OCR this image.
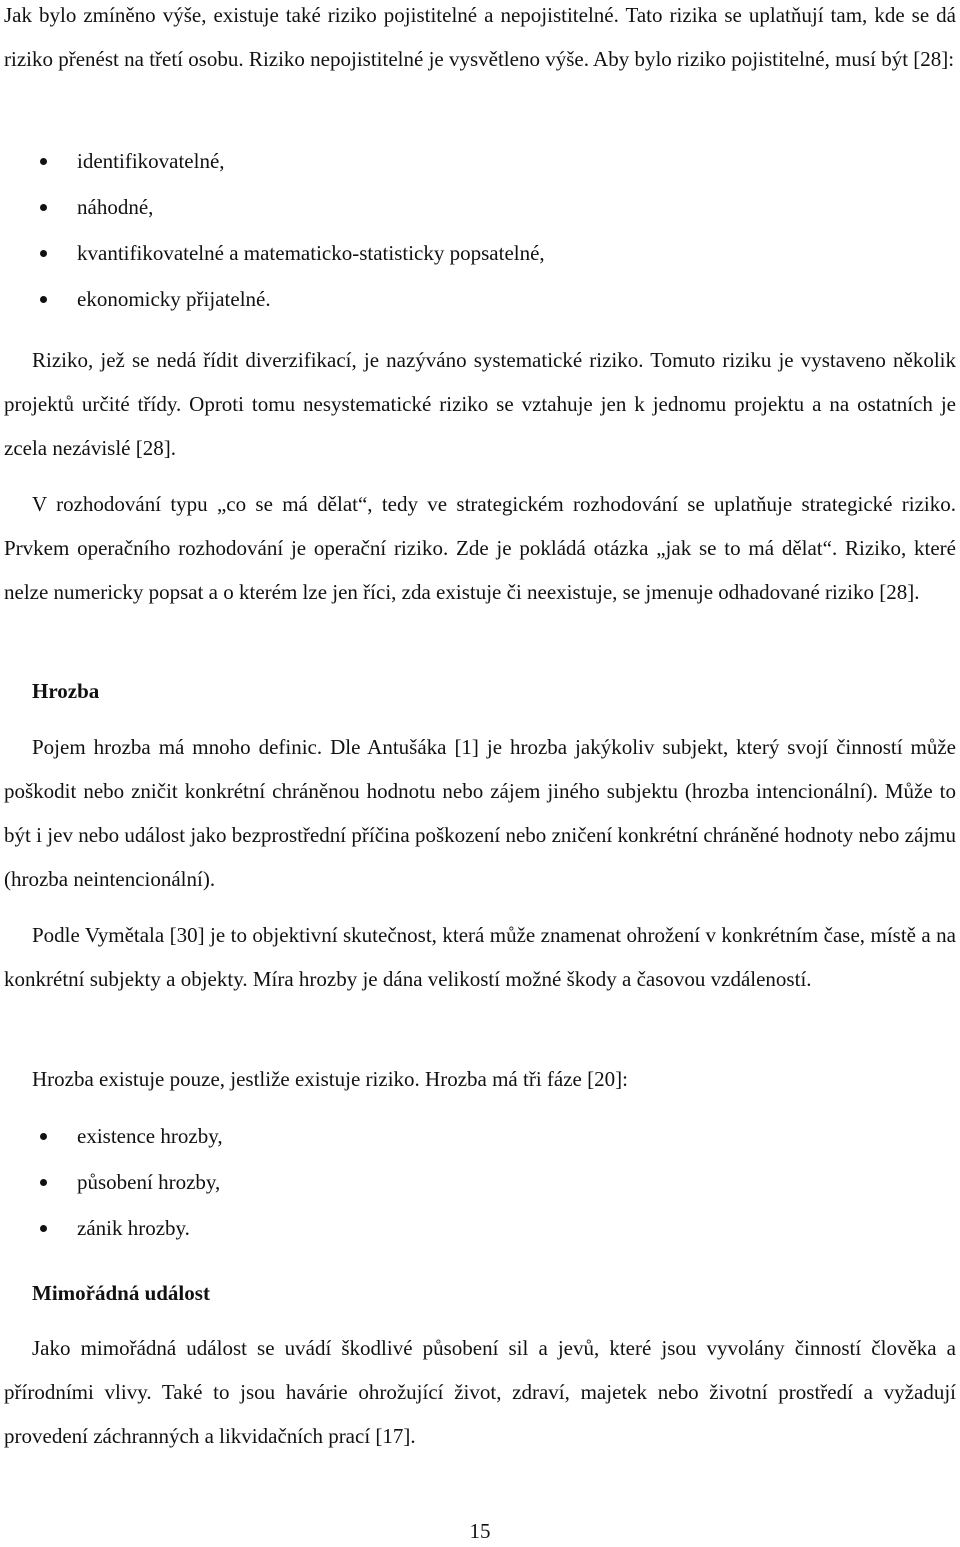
Jak bylo zmíněno výše, existuje také riziko pojistitelné a nepojistitelné. Tato rizika se uplatňují tam, kde se dá riziko přenést na třetí osobu. Riziko nepojistitelné je vysvětleno výše. Aby bylo riziko pojistitelné, musí být [28]:

identifikovatelné,
náhodné,
kvantifikovatelné a matematicko-statisticky popsatelné,
ekonomicky přijatelné.

Riziko, jež se nedá řídit diverzifikací, je nazýváno systematické riziko. Tomuto riziku je vystaveno několik projektů určité třídy. Oproti tomu nesystematické riziko se vztahuje jen k jednomu projektu a na ostatních je zcela nezávislé [28].

V rozhodování typu „co se má dělat“, tedy ve strategickém rozhodování se uplatňuje strategické riziko. Prvkem operačního rozhodování je operační riziko. Zde je pokládá otázka „jak se to má dělat“. Riziko, které nelze numericky popsat a o kterém lze jen říci, zda existuje či neexistuje, se jmenuje odhadované riziko [28].

Hrozba

Pojem hrozba má mnoho definic. Dle Antušáka [1] je hrozba jakýkoliv subjekt, který svojí činností může poškodit nebo zničit konkrétní chráněnou hodnotu nebo zájem jiného subjektu (hrozba intencionální). Může to být i jev nebo událost jako bezprostřední příčina poškození nebo zničení konkrétní chráněné hodnoty nebo zájmu (hrozba neintencionální).

Podle Vymětala [30] je to objektivní skutečnost, která může znamenat ohrožení v konkrétním čase, místě a na konkrétní subjekty a objekty. Míra hrozby je dána velikostí možné škody a časovou vzdáleností.

Hrozba existuje pouze, jestliže existuje riziko. Hrozba má tři fáze [20]:

existence hrozby,
působení hrozby,
zánik hrozby.
Mimořádná událost

Jako mimořádná událost se uvádí škodlivé působení sil a jevů, které jsou vyvolány činností člověka a přírodními vlivy. Také to jsou havárie ohrožující život, zdraví, majetek nebo životní prostředí a vyžadují provedení záchranných a likvidačních prací [17].

15
